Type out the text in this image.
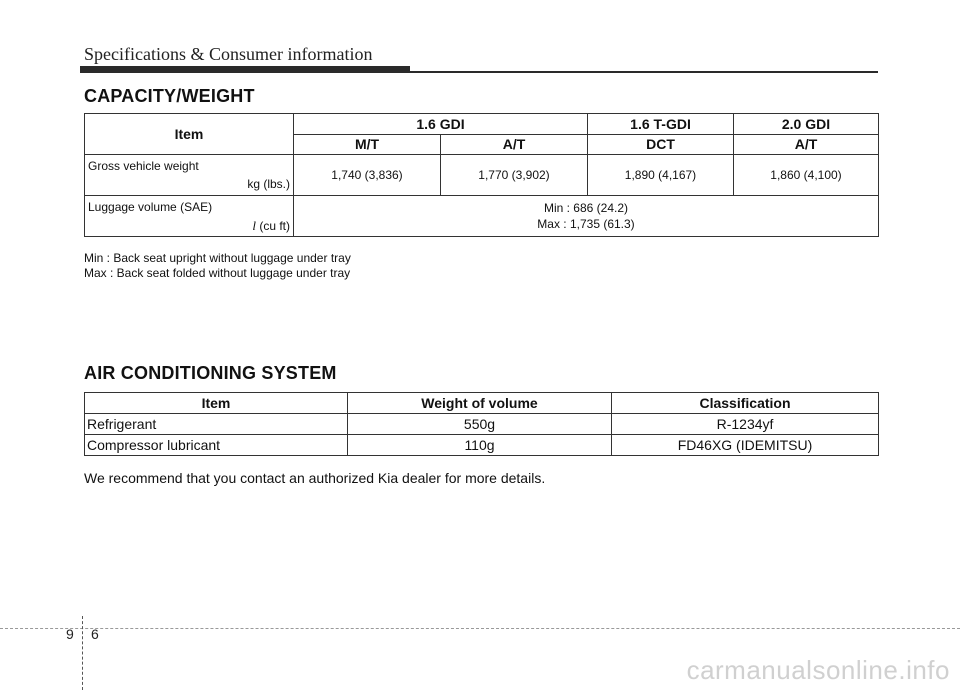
Specifications & Consumer information
CAPACITY/WEIGHT
Item	1.6 GDI		1.6 T-GDI	2.0 GDI
	M/T	A/T	DCT	A/T

Gross vehicle weight
kg (lbs.)	1,740 (3,836)	1,770 (3,902)	1,890 (4,167)	1,860 (4,100)

Luggage volume (SAE)
l (cu ft)	Min : 686 (24.2)
Max : 1,735 (61.3)			
Min : Back seat upright without luggage under tray
Max : Back seat folded without luggage under tray
AIR CONDITIONING SYSTEM
Item	Weight of volume	Classification
Refrigerant	550g	R-1234yf
Compressor lubricant	110g	FD46XG (IDEMITSU)
We recommend that you contact an authorized Kia dealer for more details.
9 6
carmanualsonline.info
